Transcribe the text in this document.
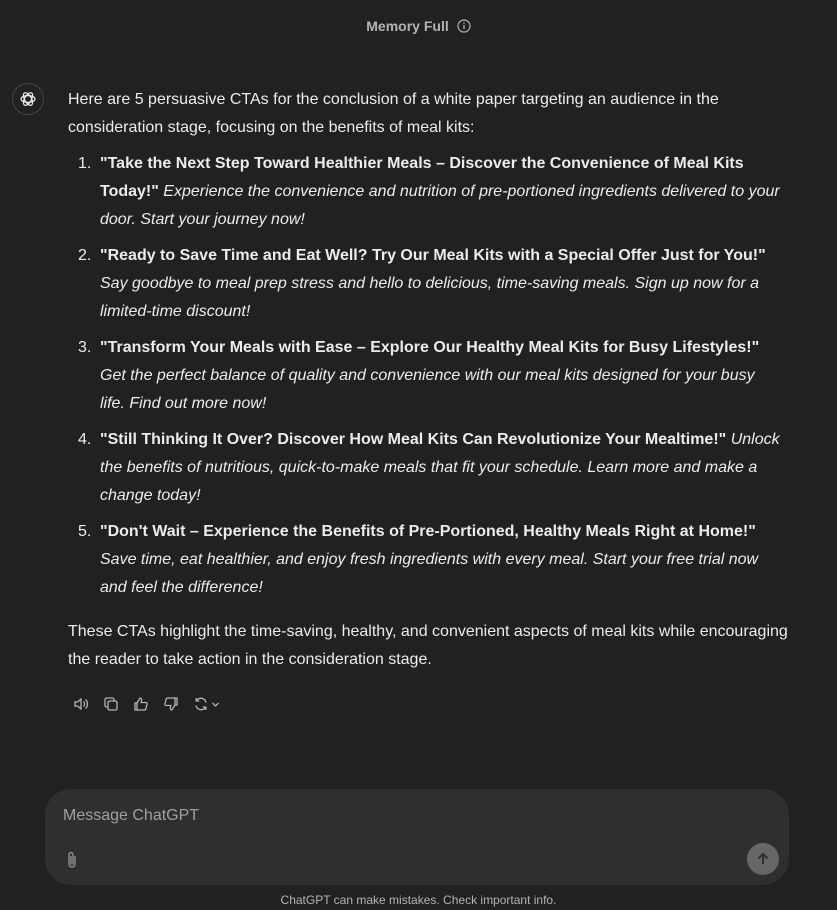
Memory Full

Here are 5 persuasive CTAs for the conclusion of a white paper targeting an audience in the consideration stage, focusing on the benefits of meal kits:

1. "Take the Next Step Toward Healthier Meals – Discover the Convenience of Meal Kits Today!" Experience the convenience and nutrition of pre-portioned ingredients delivered to your door. Start your journey now!
2. "Ready to Save Time and Eat Well? Try Our Meal Kits with a Special Offer Just for You!" Say goodbye to meal prep stress and hello to delicious, time-saving meals. Sign up now for a limited-time discount!
3. "Transform Your Meals with Ease – Explore Our Healthy Meal Kits for Busy Lifestyles!" Get the perfect balance of quality and convenience with our meal kits designed for your busy life. Find out more now!
4. "Still Thinking It Over? Discover How Meal Kits Can Revolutionize Your Mealtime!" Unlock the benefits of nutritious, quick-to-make meals that fit your schedule. Learn more and make a change today!
5. "Don't Wait – Experience the Benefits of Pre-Portioned, Healthy Meals Right at Home!" Save time, eat healthier, and enjoy fresh ingredients with every meal. Start your free trial now and feel the difference!

These CTAs highlight the time-saving, healthy, and convenient aspects of meal kits while encouraging the reader to take action in the consideration stage.

Message ChatGPT
ChatGPT can make mistakes. Check important info.
